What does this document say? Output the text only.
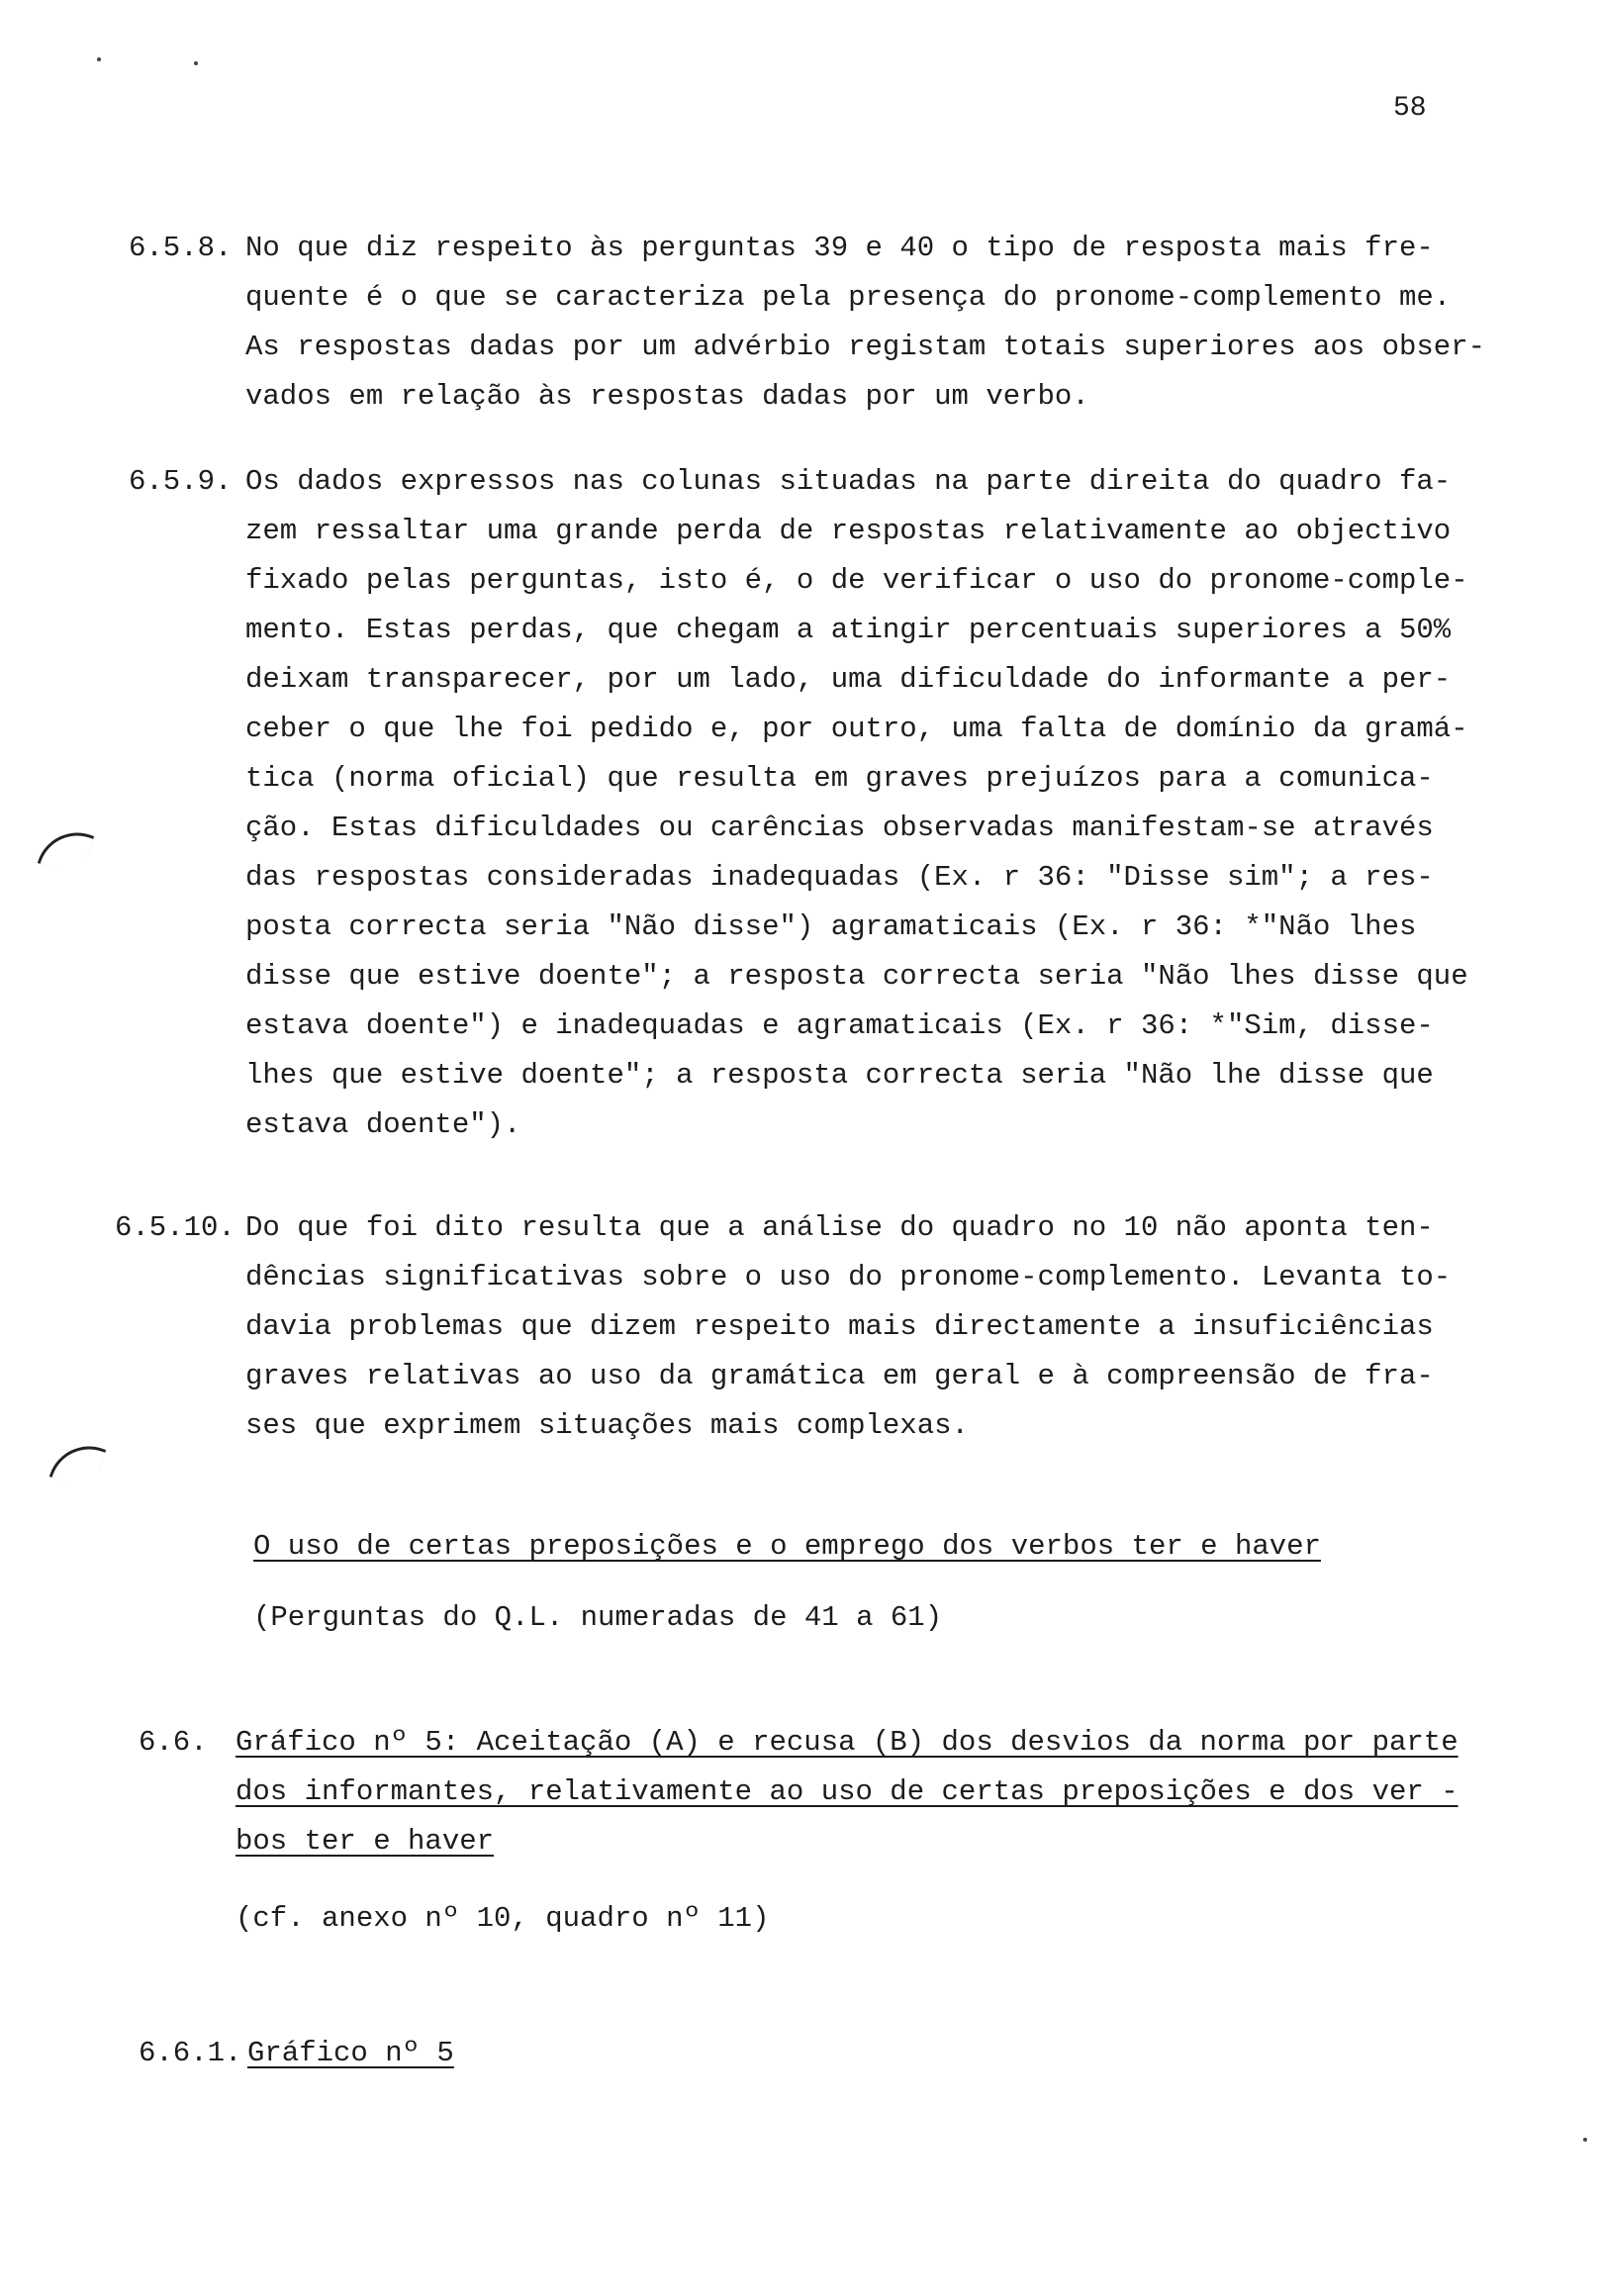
58
6.5.8. No que diz respeito às perguntas 39 e 40 o tipo de resposta mais fre-
quente é o que se caracteriza pela presença do pronome-complemento me.
As respostas dadas por um advérbio registam totais superiores aos obser-
vados em relação às respostas dadas por um verbo.
6.5.9. Os dados expressos nas colunas situadas na parte direita do quadro fa-
zem ressaltar uma grande perda de respostas relativamente ao objectivo
fixado pelas perguntas, isto é, o de verificar o uso do pronome-comple-
mento. Estas perdas, que chegam a atingir percentuais superiores a 50%
deixam transparecer, por um lado, uma dificuldade do informante a per-
ceber o que lhe foi pedido e, por outro, uma falta de domínio da gramá-
tica (norma oficial) que resulta em graves prejuízos para a comunica-
ção. Estas dificuldades ou carências observadas manifestam-se através
das respostas consideradas inadequadas (Ex. r 36: "Disse sim"; a res-
posta correcta seria "Não disse") agramaticais (Ex. r 36: *"Não lhes
disse que estive doente"; a resposta correcta seria "Não lhes disse que
estava doente") e inadequadas e agramaticais (Ex. r 36: *"Sim, disse-
lhes que estive doente"; a resposta correcta seria "Não lhe disse que
estava doente").
6.5.10. Do que foi dito resulta que a análise do quadro no 10 não aponta ten-
dências significativas sobre o uso do pronome-complemento. Levanta to-
davia problemas que dizem respeito mais directamente a insuficiências
graves relativas ao uso da gramática em geral e à compreensão de fra-
ses que exprimem situações mais complexas.
O uso de certas preposições e o emprego dos verbos ter e haver
(Perguntas do Q.L. numeradas de 41 a 61)
6.6. Gráfico nº 5: Aceitação (A) e recusa (B) dos desvios da norma por parte
dos informantes, relativamente ao uso de certas preposições e dos ver -
bos ter e haver
(cf. anexo nº 10, quadro nº 11)
6.6.1. Gráfico nº 5
